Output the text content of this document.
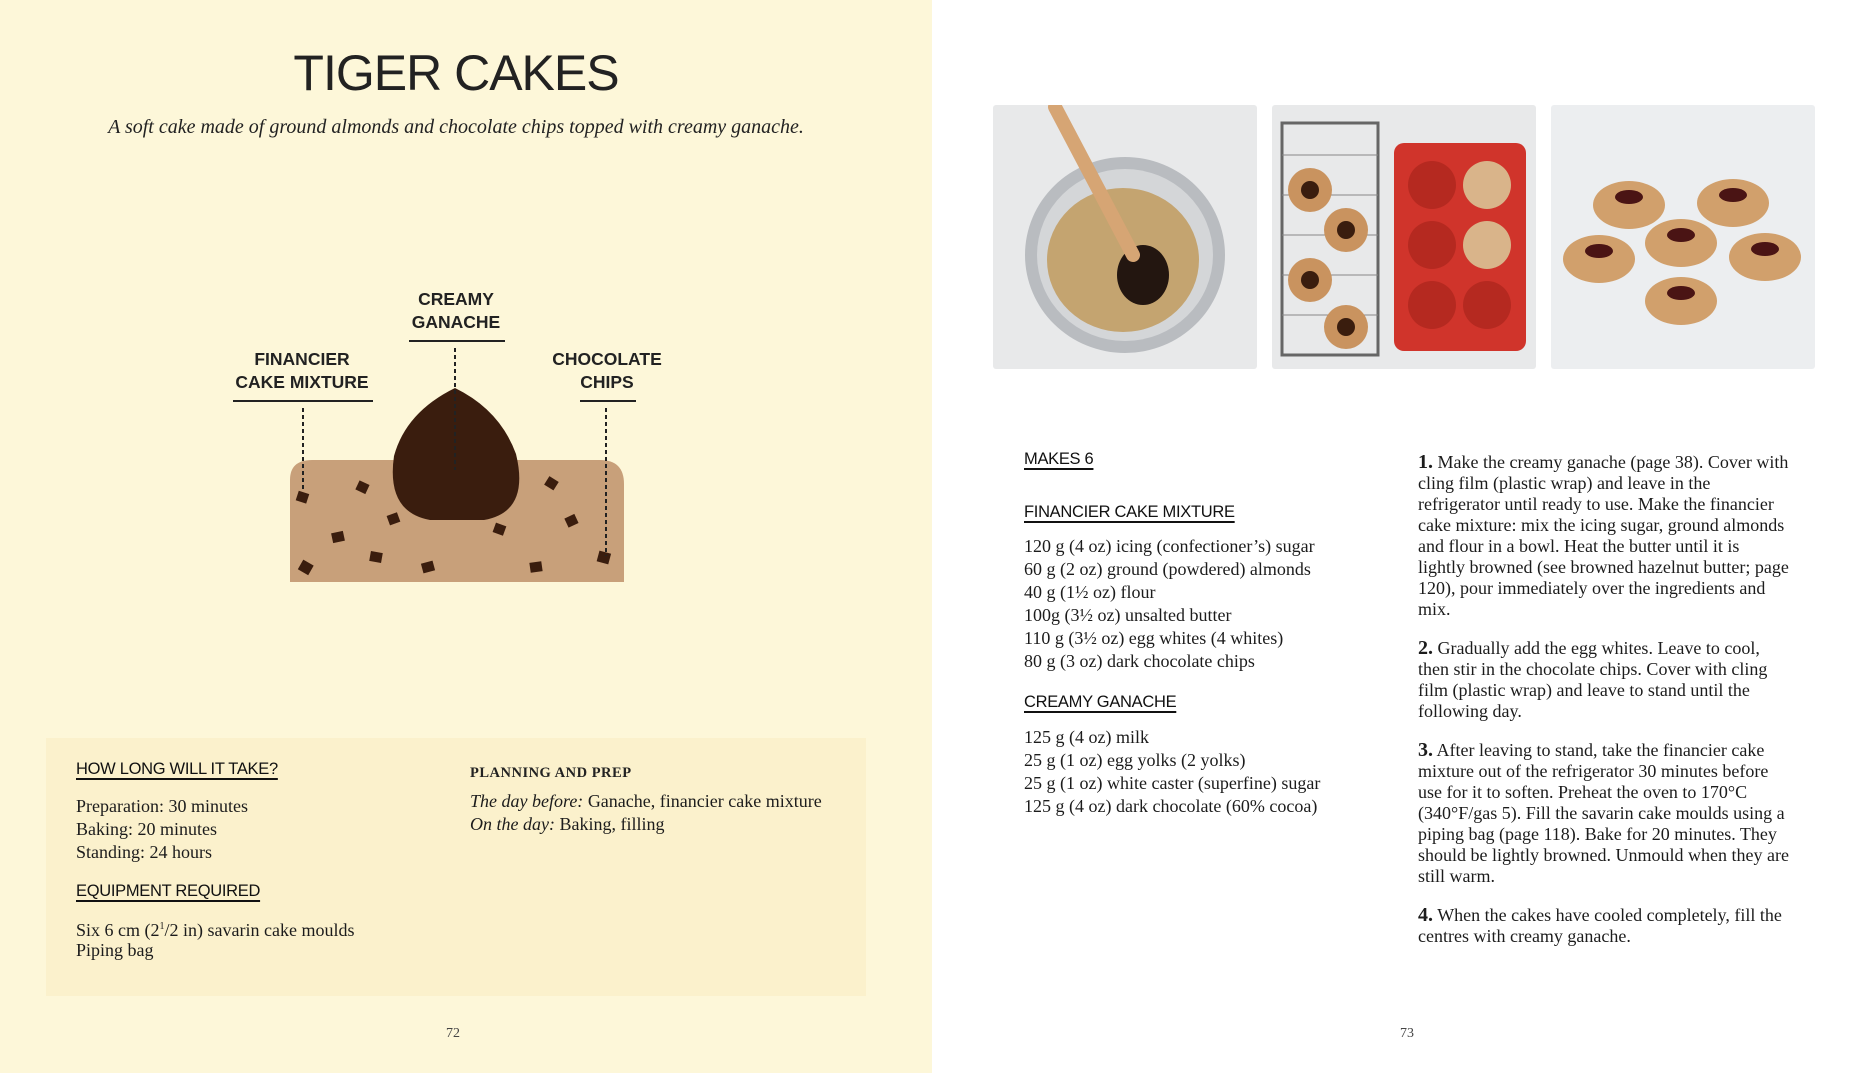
TIGER CAKES
A soft cake made of ground almonds and chocolate chips topped with creamy ganache.
CREAMY
GANACHE
FINANCIER
CAKE MIXTURE
CHOCOLATE
CHIPS
HOW LONG WILL IT TAKE?
Preparation: 30 minutes
Baking: 20 minutes
Standing: 24 hours
EQUIPMENT REQUIRED
Six 6 cm ($2^1/2$ in) savarin cake moulds
Piping bag
PLANNING AND PREP
The day before: Ganache, financier cake mixture
On the day: Baking, filling
72
MAKES 6
FINANCIER CAKE MIXTURE
120 g (4 oz) icing (confectioner’s) sugar
60 g (2 oz) ground (powdered) almonds
40 g (1½ oz) flour
100g (3½ oz) unsalted butter
110 g (3½ oz) egg whites (4 whites)
80 g (3 oz) dark chocolate chips
CREAMY GANACHE
125 g (4 oz) milk
25 g (1 oz) egg yolks (2 yolks)
25 g (1 oz) white caster (superfine) sugar
125 g (4 oz) dark chocolate (60% cocoa)

1. Make the creamy ganache (page 38). Cover with cling film (plastic wrap) and leave in the refrigerator until ready to use. Make the financier cake mixture: mix the icing sugar, ground almonds and flour in a bowl. Heat the butter until it is lightly browned (see browned hazelnut butter; page 120), pour immediately over the ingredients and mix.

2. Gradually add the egg whites. Leave to cool, then stir in the chocolate chips. Cover with cling film (plastic wrap) and leave to stand until the following day.

3. After leaving to stand, take the financier cake mixture out of the refrigerator 30 minutes before use for it to soften. Preheat the oven to 170°C (340°F/gas 5). Fill the savarin cake moulds using a piping bag (page 118). Bake for 20 minutes. They should be lightly browned. Unmould when they are still warm.

4. When the cakes have cooled completely, fill the centres with creamy ganache.

73
